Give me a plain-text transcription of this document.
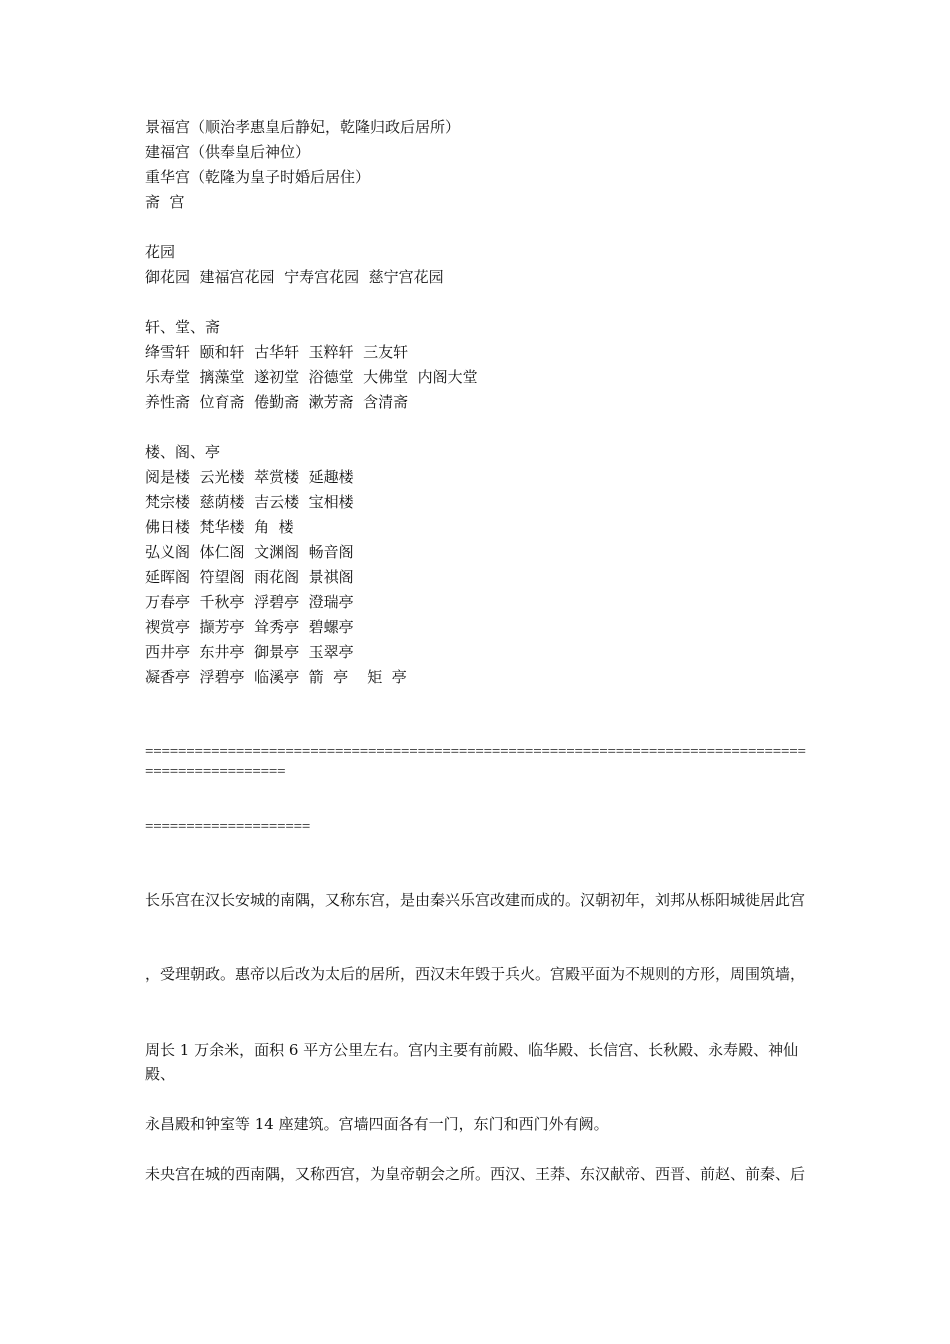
景福宫（顺治孝惠皇后静妃，乾隆归政后居所）
建福宫（供奉皇后神位）
重华宫（乾隆为皇子时婚后居住）
斋  宫
花园
御花园  建福宫花园  宁寿宫花园  慈宁宫花园
轩、堂、斋
绛雪轩  颐和轩  古华轩  玉粹轩  三友轩
乐寿堂  摛藻堂  遂初堂  浴德堂  大佛堂  内阁大堂
养性斋  位育斋  倦勤斋  漱芳斋  含清斋
楼、阁、亭
阅是楼  云光楼  萃赏楼  延趣楼
梵宗楼  慈荫楼  吉云楼  宝相楼
佛日楼  梵华楼  角  楼
弘义阁  体仁阁  文渊阁  畅音阁
延晖阁  符望阁  雨花阁  景祺阁
万春亭  千秋亭  浮碧亭  澄瑞亭
禊赏亭  撷芳亭  耸秀亭  碧螺亭
西井亭  东井亭  御景亭  玉翠亭
凝香亭  浮碧亭  临溪亭  箭  亭    矩  亭
=================================================================================================
====================
长乐宫在汉长安城的南隅，又称东宫，是由秦兴乐宫改建而成的。汉朝初年，刘邦从栎阳城徙居此宫
，受理朝政。惠帝以后改为太后的居所，西汉末年毁于兵火。宫殿平面为不规则的方形，周围筑墙，
周长 1 万余米，面积 6 平方公里左右。宫内主要有前殿、临华殿、长信宫、长秋殿、永寿殿、神仙殿、
永昌殿和钟室等 14 座建筑。宫墙四面各有一门，东门和西门外有阙。
未央宫在城的西南隅，又称西宫，为皇帝朝会之所。西汉、王莽、东汉献帝、西晋、前赵、前秦、后
